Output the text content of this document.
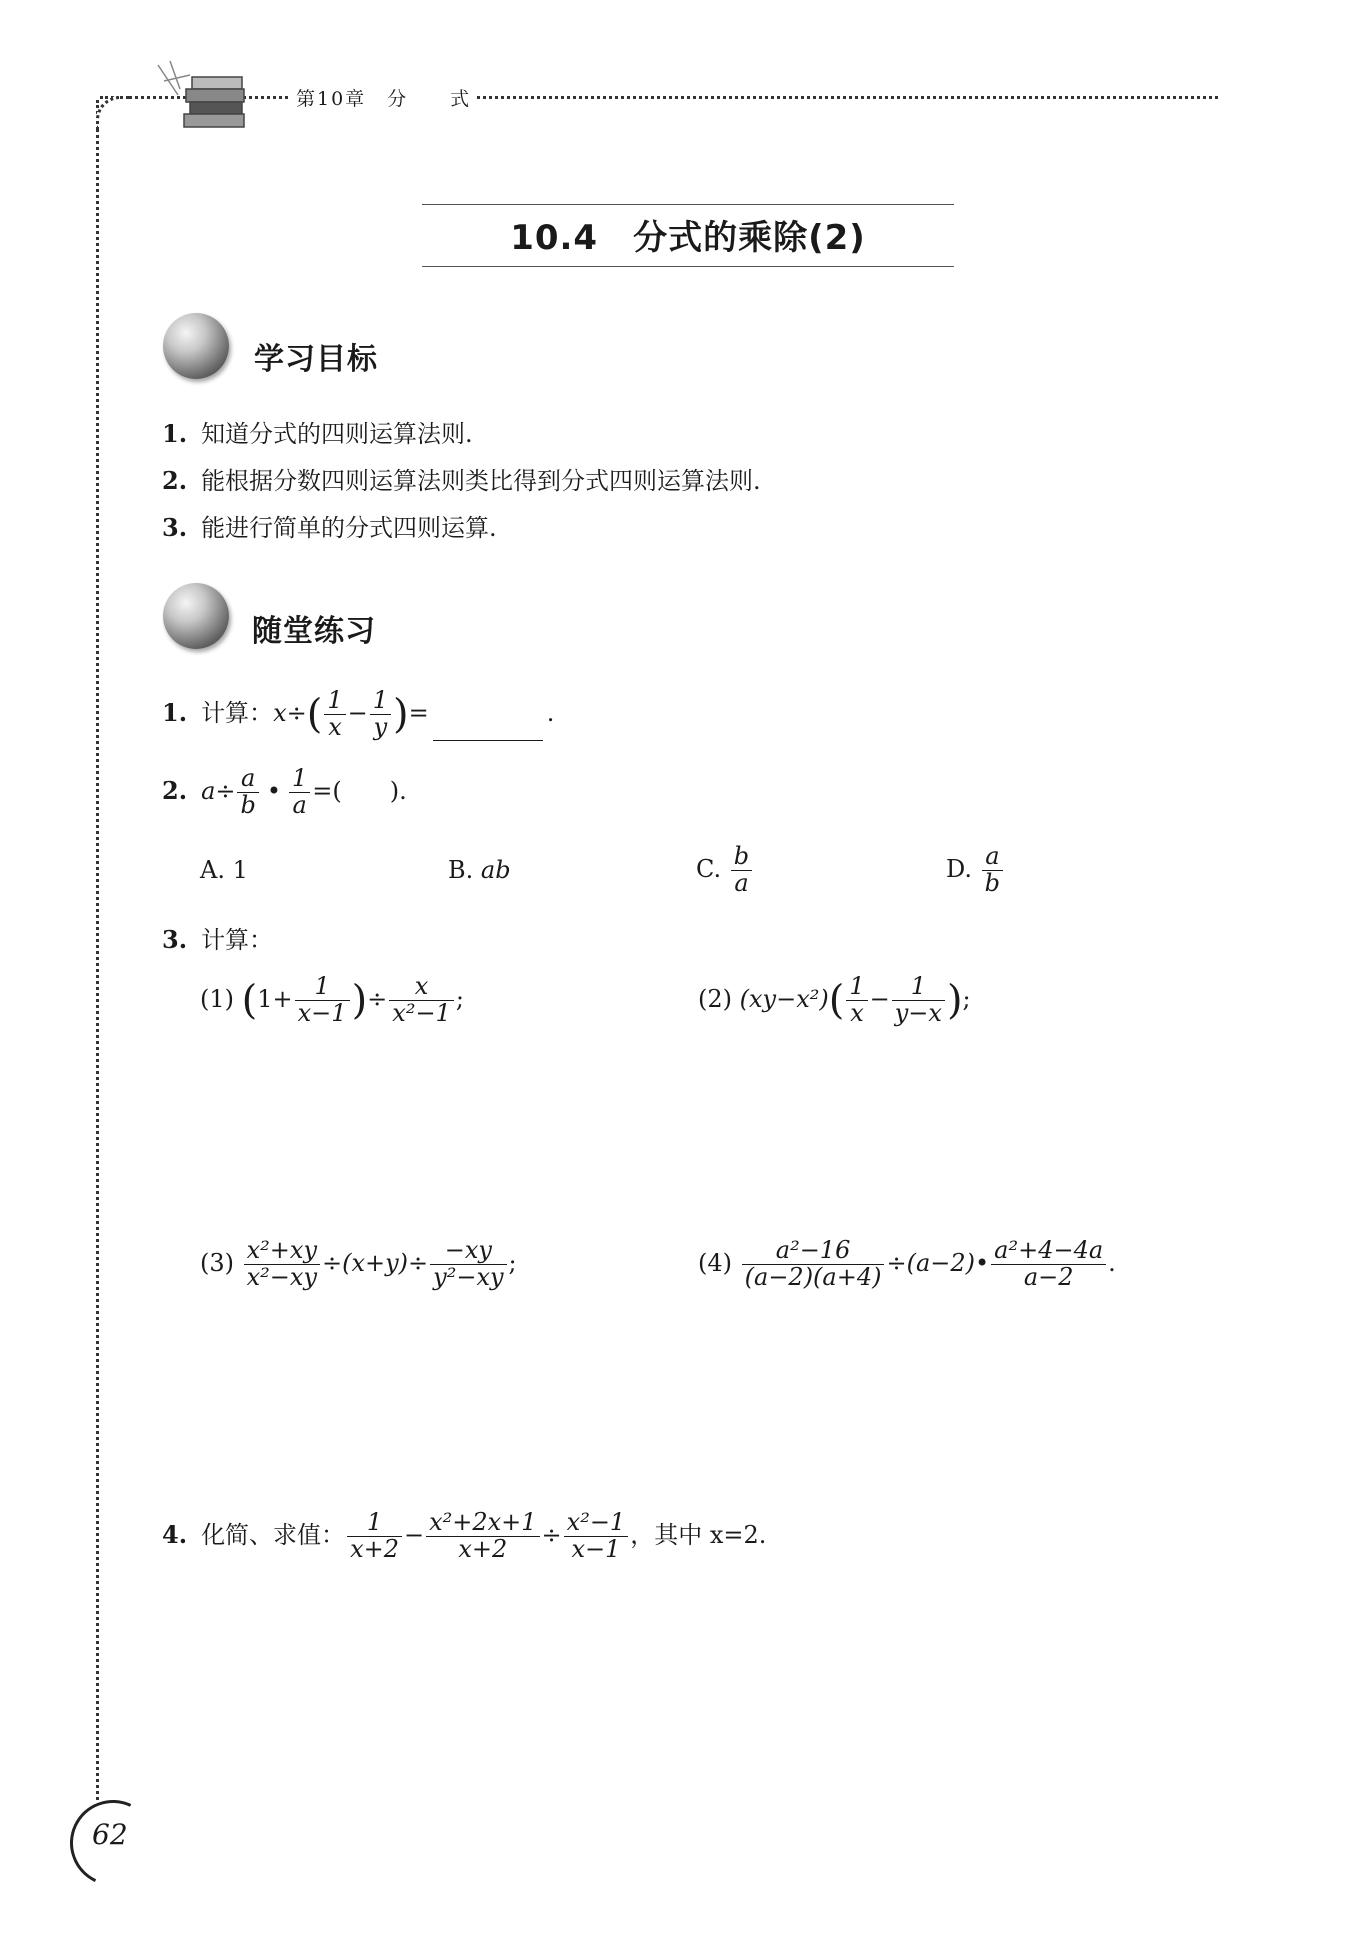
第10章　分　　式
10.4　分式的乘除(2)
学习目标
1. 知道分式的四则运算法则.
2. 能根据分数四则运算法则类比得到分式四则运算法则.
3. 能进行简单的分式四则运算.
随堂练习
1. 计算：$x\div( \frac{1}{x} - \frac{1}{y}$ )=	.
2. $a\div \frac{a}{b}$ • $\frac{1}{a}$ =(　　).
A. 1	B. ab	C. $\frac{b}{a}$	D. $\frac{a}{b}$
3. 计算：
(1) ($1+ \frac{1}{x-1}$ )÷ $\frac{x}{\text{x²−1}}$ ;	(2) $(xy-x^2)( \frac{1}{x} - \frac{1}{y-x}$ );
$(3) \frac{\text{x²+xy}}{\text{x²−xy}} \div(x+y)\div \frac{-xy}{\text{y²−xy}}$ ;	$(4) \frac{\text{a²−16}}{(a-2)(a+4)}$ ÷(a−2)• $\frac{\text{a²+4−4a}}{a-2}$ .
4. 化简、求值： $\frac{1}{x+2} - \frac{\text{x²+2x+1}}{x+2} \div \frac{\text{x²−1}}{x-1}$ ，其中 x=2.
62
